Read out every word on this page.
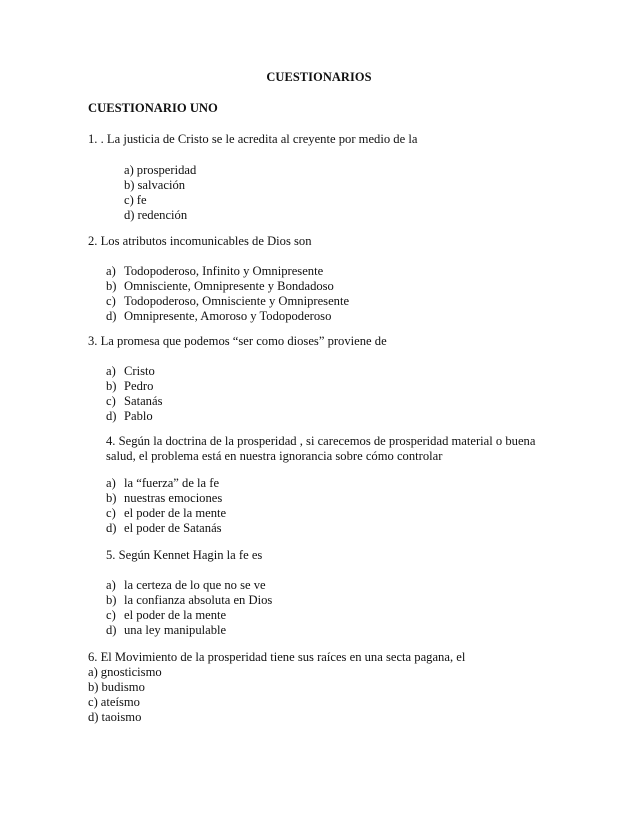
CUESTIONARIOS
CUESTIONARIO UNO
1. . La justicia de Cristo se le acredita al creyente por medio de la
a) prosperidad
b) salvación
c) fe
d) redención
2. Los atributos incomunicables de Dios son
a) Todopoderoso, Infinito y Omnipresente
b) Omnisciente, Omnipresente y Bondadoso
c) Todopoderoso, Omnisciente y Omnipresente
d) Omnipresente, Amoroso y Todopoderoso
3. La promesa que podemos “ser como dioses” proviene de
a) Cristo
b) Pedro
c) Satanás
d) Pablo
4. Según la doctrina de la prosperidad , si carecemos de prosperidad material o buena
salud, el problema está en nuestra ignorancia sobre cómo controlar
a) la “fuerza” de la fe
b) nuestras emociones
c) el poder de la mente
d) el poder de Satanás
5. Según Kennet Hagin la fe es
a) la certeza de lo que no se ve
b) la confianza absoluta en Dios
c) el poder de la mente
d) una ley manipulable
6. El Movimiento de la prosperidad tiene sus raíces en una secta pagana, el
a) gnosticismo
b) budismo
c) ateísmo
d) taoismo
